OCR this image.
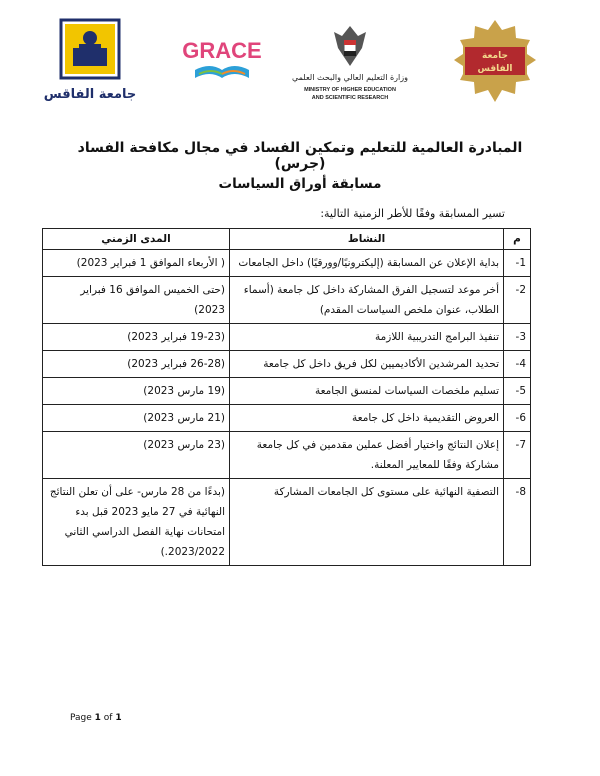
جامعة الفاقس
GRACE
وزارة التعليم العالي والبحث العلمي
MINISTRY OF HIGHER EDUCATION
AND SCIENTIFIC RESEARCH
جامعة
الفاقس
المبادرة العالمية للتعليم وتمكين الفساد في مجال مكافحة الفساد (جرس)
مسابقة أوراق السياسات
تسير المسابقة وفقًا للأطر الزمنية التالية:
م	النشاط	المدى الزمني
1-	بداية الإعلان عن المسابقة (إليكترونيًا/وورقيًا) داخل الجامعات	( الأربعاء الموافق 1 فبراير 2023)
2-	أخر موعد لتسجيل الفرق المشاركة داخل كل جامعة (أسماء الطلاب، عنوان ملخص السياسات المقدم)	(حتى الخميس الموافق 16 فبراير 2023)
3-	تنفيذ البرامج التدريبية اللازمة	(19-23 فبراير 2023)
4-	تحديد المرشدين الأكاديميين لكل فريق داخل كل جامعة	(26-28 فبراير 2023)
5-	تسليم ملخصات السياسات لمنسق الجامعة	(19 مارس 2023)
6-	العروض التقديمية داخل كل جامعة	(21 مارس 2023)
7-	إعلان النتائج واختيار أفضل عملين مقدمين في كل جامعة مشاركة وفقًا للمعايير المعلنة.	(23 مارس 2023)
8-	التصفية النهائية على مستوى كل الجامعات المشاركة	(بدءًا من 28 مارس- على أن تعلن النتائج النهائية في 27 مايو 2023 قبل بدء امتحانات نهاية الفصل الدراسي الثاني 2023/2022.)
Page 1 of 1
